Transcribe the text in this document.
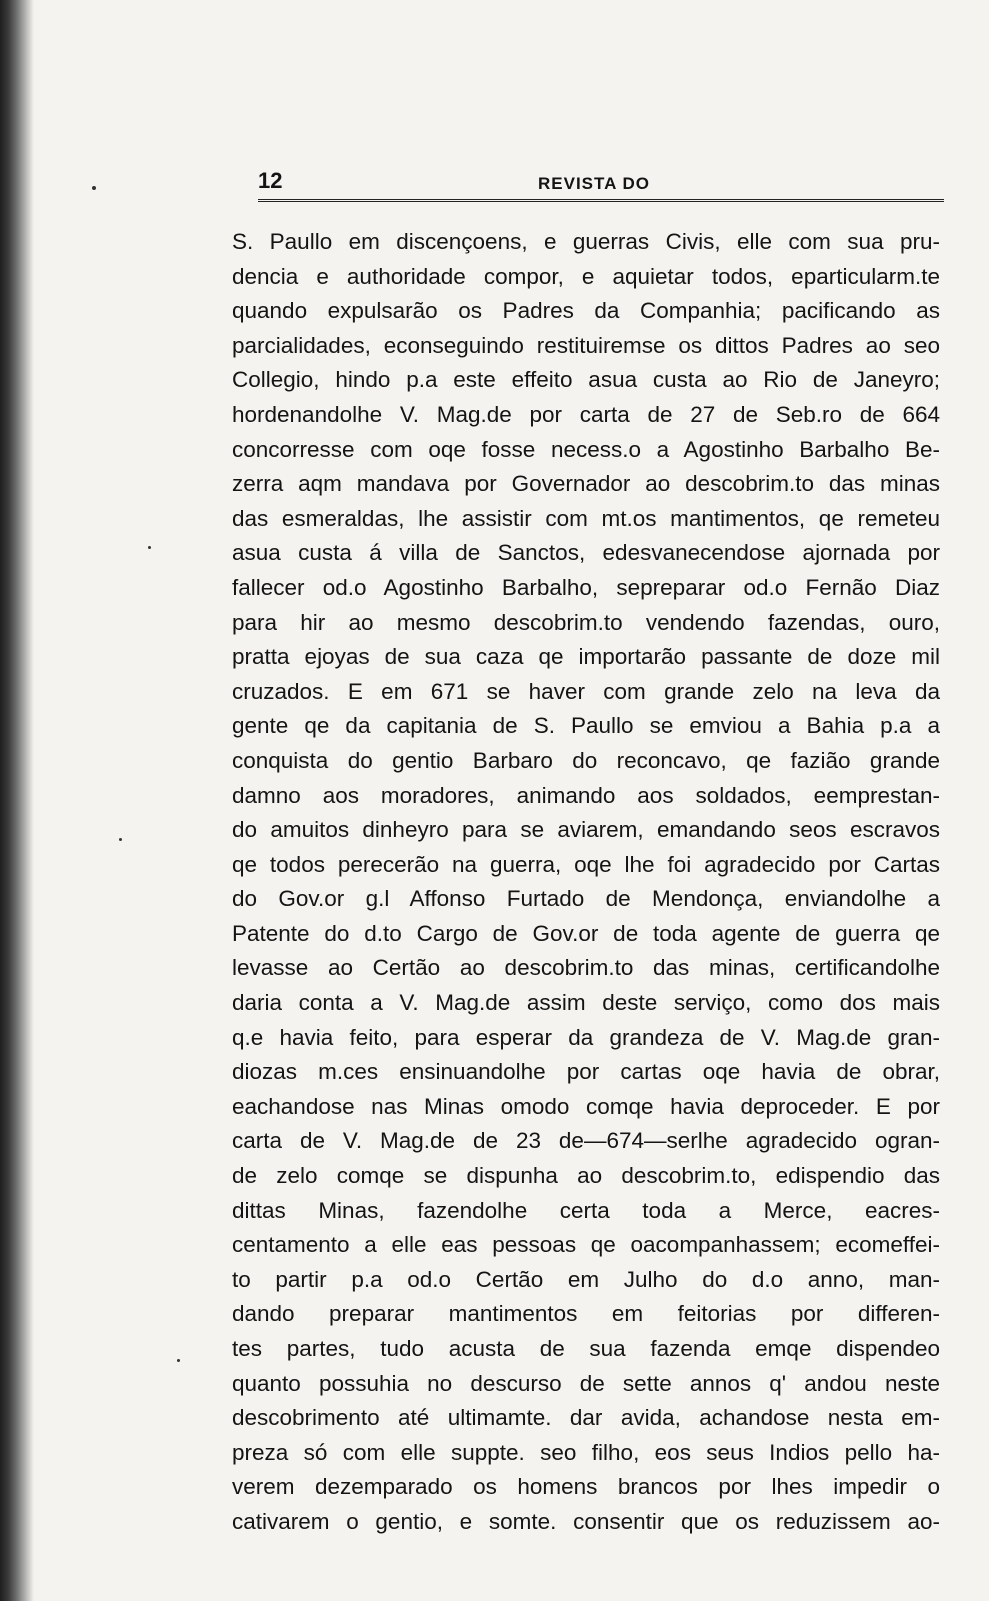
12	REVISTA DO
S. Paullo em discençoens, e guerras Civis, elle com sua pru-
dencia e authoridade compor, e aquietar todos, eparticularm.te
quando expulsarão os Padres da Companhia; pacificando as
parcialidades, econseguindo restituiremse os dittos Padres ao seo
Collegio, hindo p.a este effeito asua custa ao Rio de Janeyro;
hordenandolhe V. Mag.de por carta de 27 de Seb.ro de 664
concorresse com oqe fosse necess.o a Agostinho Barbalho Be-
zerra aqm mandava por Governador ao descobrim.to das minas
das esmeraldas, lhe assistir com mt.os mantimentos, qe remeteu
asua custa á villa de Sanctos, edesvanecendose ajornada por
fallecer od.o Agostinho Barbalho, sepreparar od.o Fernão Diaz
para hir ao mesmo descobrim.to vendendo fazendas, ouro,
pratta ejoyas de sua caza qe importarão passante de doze mil
cruzados. E em 671 se haver com grande zelo na leva da
gente qe da capitania de S. Paullo se emviou a Bahia p.a a
conquista do gentio Barbaro do reconcavo, qe fazião grande
damno aos moradores, animando aos soldados, eemprestan-
do amuitos dinheyro para se aviarem, emandando seos escravos
qe todos perecerão na guerra, oqe lhe foi agradecido por Cartas
do Gov.or g.l Affonso Furtado de Mendonça, enviandolhe a
Patente do d.to Cargo de Gov.or de toda agente de guerra qe
levasse ao Certão ao descobrim.to das minas, certificandolhe
daria conta a V. Mag.de assim deste serviço, como dos mais
q.e havia feito, para esperar da grandeza de V. Mag.de gran-
diozas m.ces ensinuandolhe por cartas oqe havia de obrar,
eachandose nas Minas omodo comqe havia deproceder. E por
carta de V. Mag.de de 23 de—674—serlhe agradecido ogran-
de zelo comqe se dispunha ao descobrim.to, edispendio das
dittas Minas, fazendolhe certa toda a Merce, eacres-
centamento a elle eas pessoas qe oacompanhassem; ecomeffei-
to partir p.a od.o Certão em Julho do d.o anno, man-
dando preparar mantimentos em feitorias por differen-
tes partes, tudo acusta de sua fazenda emqe dispendeo
quanto possuhia no descurso de sette annos q' andou neste
descobrimento até ultimamte. dar avida, achandose nesta em-
preza só com elle suppte. seo filho, eos seus Indios pello ha-
verem dezemparado os homens brancos por lhes impedir o
cativarem o gentio, e somte. consentir que os reduzissem ao-
